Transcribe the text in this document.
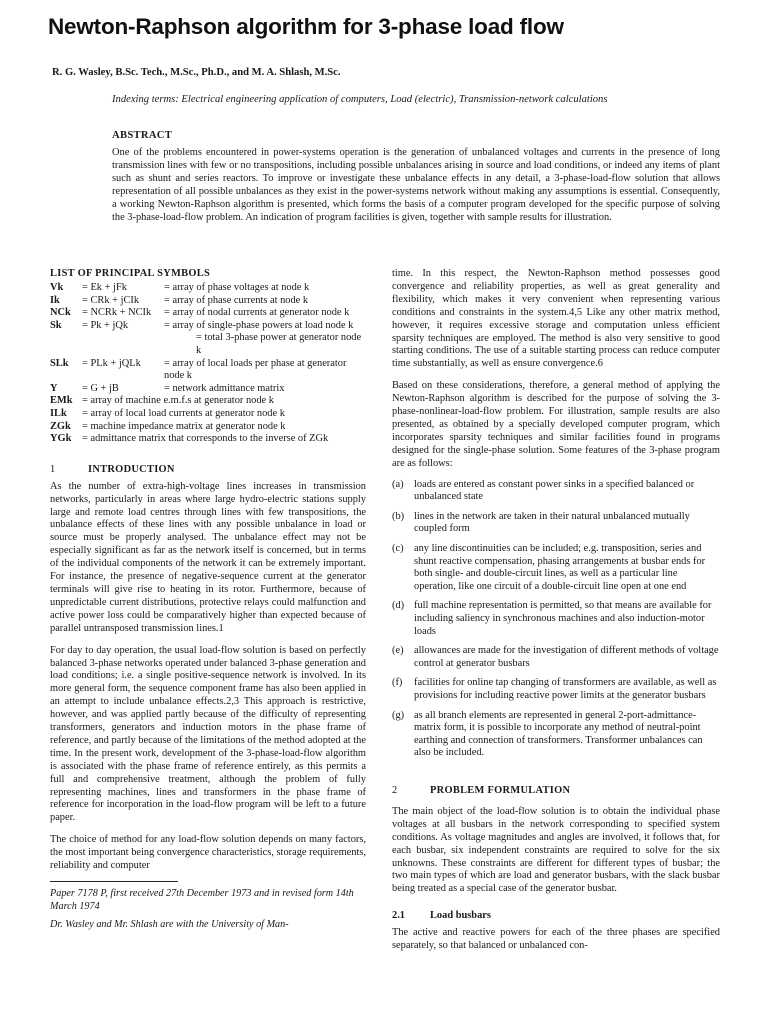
Newton-Raphson algorithm for 3-phase load flow
R. G. Wasley, B.Sc. Tech., M.Sc., Ph.D., and M. A. Shlash, M.Sc.
Indexing terms: Electrical engineering application of computers, Load (electric), Transmission-network calculations
ABSTRACT

One of the problems encountered in power-systems operation is the generation of unbalanced voltages and currents in the presence of long transmission lines with few or no transpositions, including possible unbalances arising in source and load conditions, or indeed any items of plant such as shunt and series reactors. To improve or investigate these unbalance effects in any detail, a 3-phase-load-flow solution that allows representation of all possible unbalances as they exist in the power-systems network without making any assumptions is essential. Consequently, a working Newton-Raphson algorithm is presented, which forms the basis of a computer program developed for the specific purpose of solving the 3-phase-load-flow problem. An indication of program facilities is given, together with sample results for illustration.

LIST OF PRINCIPAL SYMBOLS
Vk	= Ek + jFk	= array of phase voltages at node k
Ik	= CRk + jCIk	= array of phase currents at node k
NCk	= NCRk + NCIk	= array of nodal currents at generator node k
Sk	= Pk + jQk	= array of single-phase powers at load node k
= total 3-phase power at generator node k
SLk	= PLk + jQLk	= array of local loads per phase at generator node k
Y	= G + jB	= network admittance matrix
EMk = array of machine e.m.f.s at generator node k
ILk	= array of local load currents at generator node k
ZGk	= machine impedance matrix at generator node k
YGk	= admittance matrix that corresponds to the inverse of ZGk
1	INTRODUCTION

As the number of extra-high-voltage lines increases in transmission networks, particularly in areas where large hydro-electric stations supply large and remote load centres through lines with few transpositions, the unbalance effects of these lines with any possible unbalance in load or source must be properly analysed. The unbalance effect may not be especially significant as far as the network itself is concerned, but in terms of the individual components of the network it can be extremely important. For instance, the presence of negative-sequence current at the generator terminals will give rise to heating in its rotor. Furthermore, because of unpredictable current distributions, protective relays could malfunction and active power loss could be comparatively higher than expected because of parallel untransposed transmission lines.1

For day to day operation, the usual load-flow solution is based on perfectly balanced 3-phase networks operated under balanced 3-phase generation and load conditions; i.e. a single positive-sequence network is involved. In its more general form, the sequence component frame has also been applied in an attempt to include unbalance effects.2,3 This approach is restrictive, however, and was applied partly because of the difficulty of representing transformers, generators and induction motors in the phase frame of reference, and partly because of the limitations of the method adopted at the time. In the present work, development of the 3-phase-load-flow algorithm is associated with the phase frame of reference entirely, as this permits a full and comprehensive treatment, although the problem of fully representing machines, lines and transformers in the phase frame of reference for incorporation in the load-flow program will be left to a future paper.

The choice of method for any load-flow solution depends on many factors, the most important being convergence characteristics, storage requirements, reliability and computer

Paper 7178 P, first received 27th December 1973 and in revised form 14th March 1974
Dr. Wasley and Mr. Shlash are with the University of Man-

time. In this respect, the Newton-Raphson method possesses good convergence and reliability properties, as well as great generality and flexibility, which makes it very convenient when representing various conditions and constraints in the system.4,5 Like any other matrix method, however, it requires excessive storage and computation unless efficient sparsity techniques are employed. The method is also very sensitive to good starting conditions. The use of a suitable starting process can reduce computer time substantially, as well as ensure convergence.6

Based on these considerations, therefore, a general method of applying the Newton-Raphson algorithm is described for the purpose of solving the 3-phase-nonlinear-load-flow problem. For illustration, sample results are also presented, as obtained by a specially developed computer program, which incorporates sparsity techniques and similar facilities found in programs designed for the single-phase solution. Some features of the 3-phase program are as follows:

(a)	loads are entered as constant power sinks in a specified balanced or unbalanced state
(b) lines in the network are taken in their natural unbalanced mutually coupled form
(c)	any line discontinuities can be included; e.g. transposition, series and shunt reactive compensation, phasing arrangements at busbar ends for both single- and double-circuit lines, as well as a particular line operation, like one circuit of a double-circuit line open at one end
(d) full machine representation is permitted, so that means are available for including saliency in synchronous machines and also induction-motor loads
(e)	allowances are made for the investigation of different methods of voltage control at generator busbars
(f)	facilities for online tap changing of transformers are available, as well as provisions for including reactive power limits at the generator busbars
(g) as all branch elements are represented in general 2-port-admittance-matrix form, it is possible to incorporate any method of neutral-point earthing and connection of transformers. Transformer unbalances can also be included.
2	PROBLEM FORMULATION

The main object of the load-flow solution is to obtain the individual phase voltages at all busbars in the network corresponding to specified system conditions. As voltage magnitudes and angles are involved, it follows that, for each busbar, six independent constraints are required to solve for the six unknowns. These constraints are different for different types of busbar; the two main types of which are load and generator busbars, with the slack busbar being treated as a special case of the generator busbar.

2.1	Load busbars

The active and reactive powers for each of the three phases are specified separately, so that balanced or unbalanced con-
